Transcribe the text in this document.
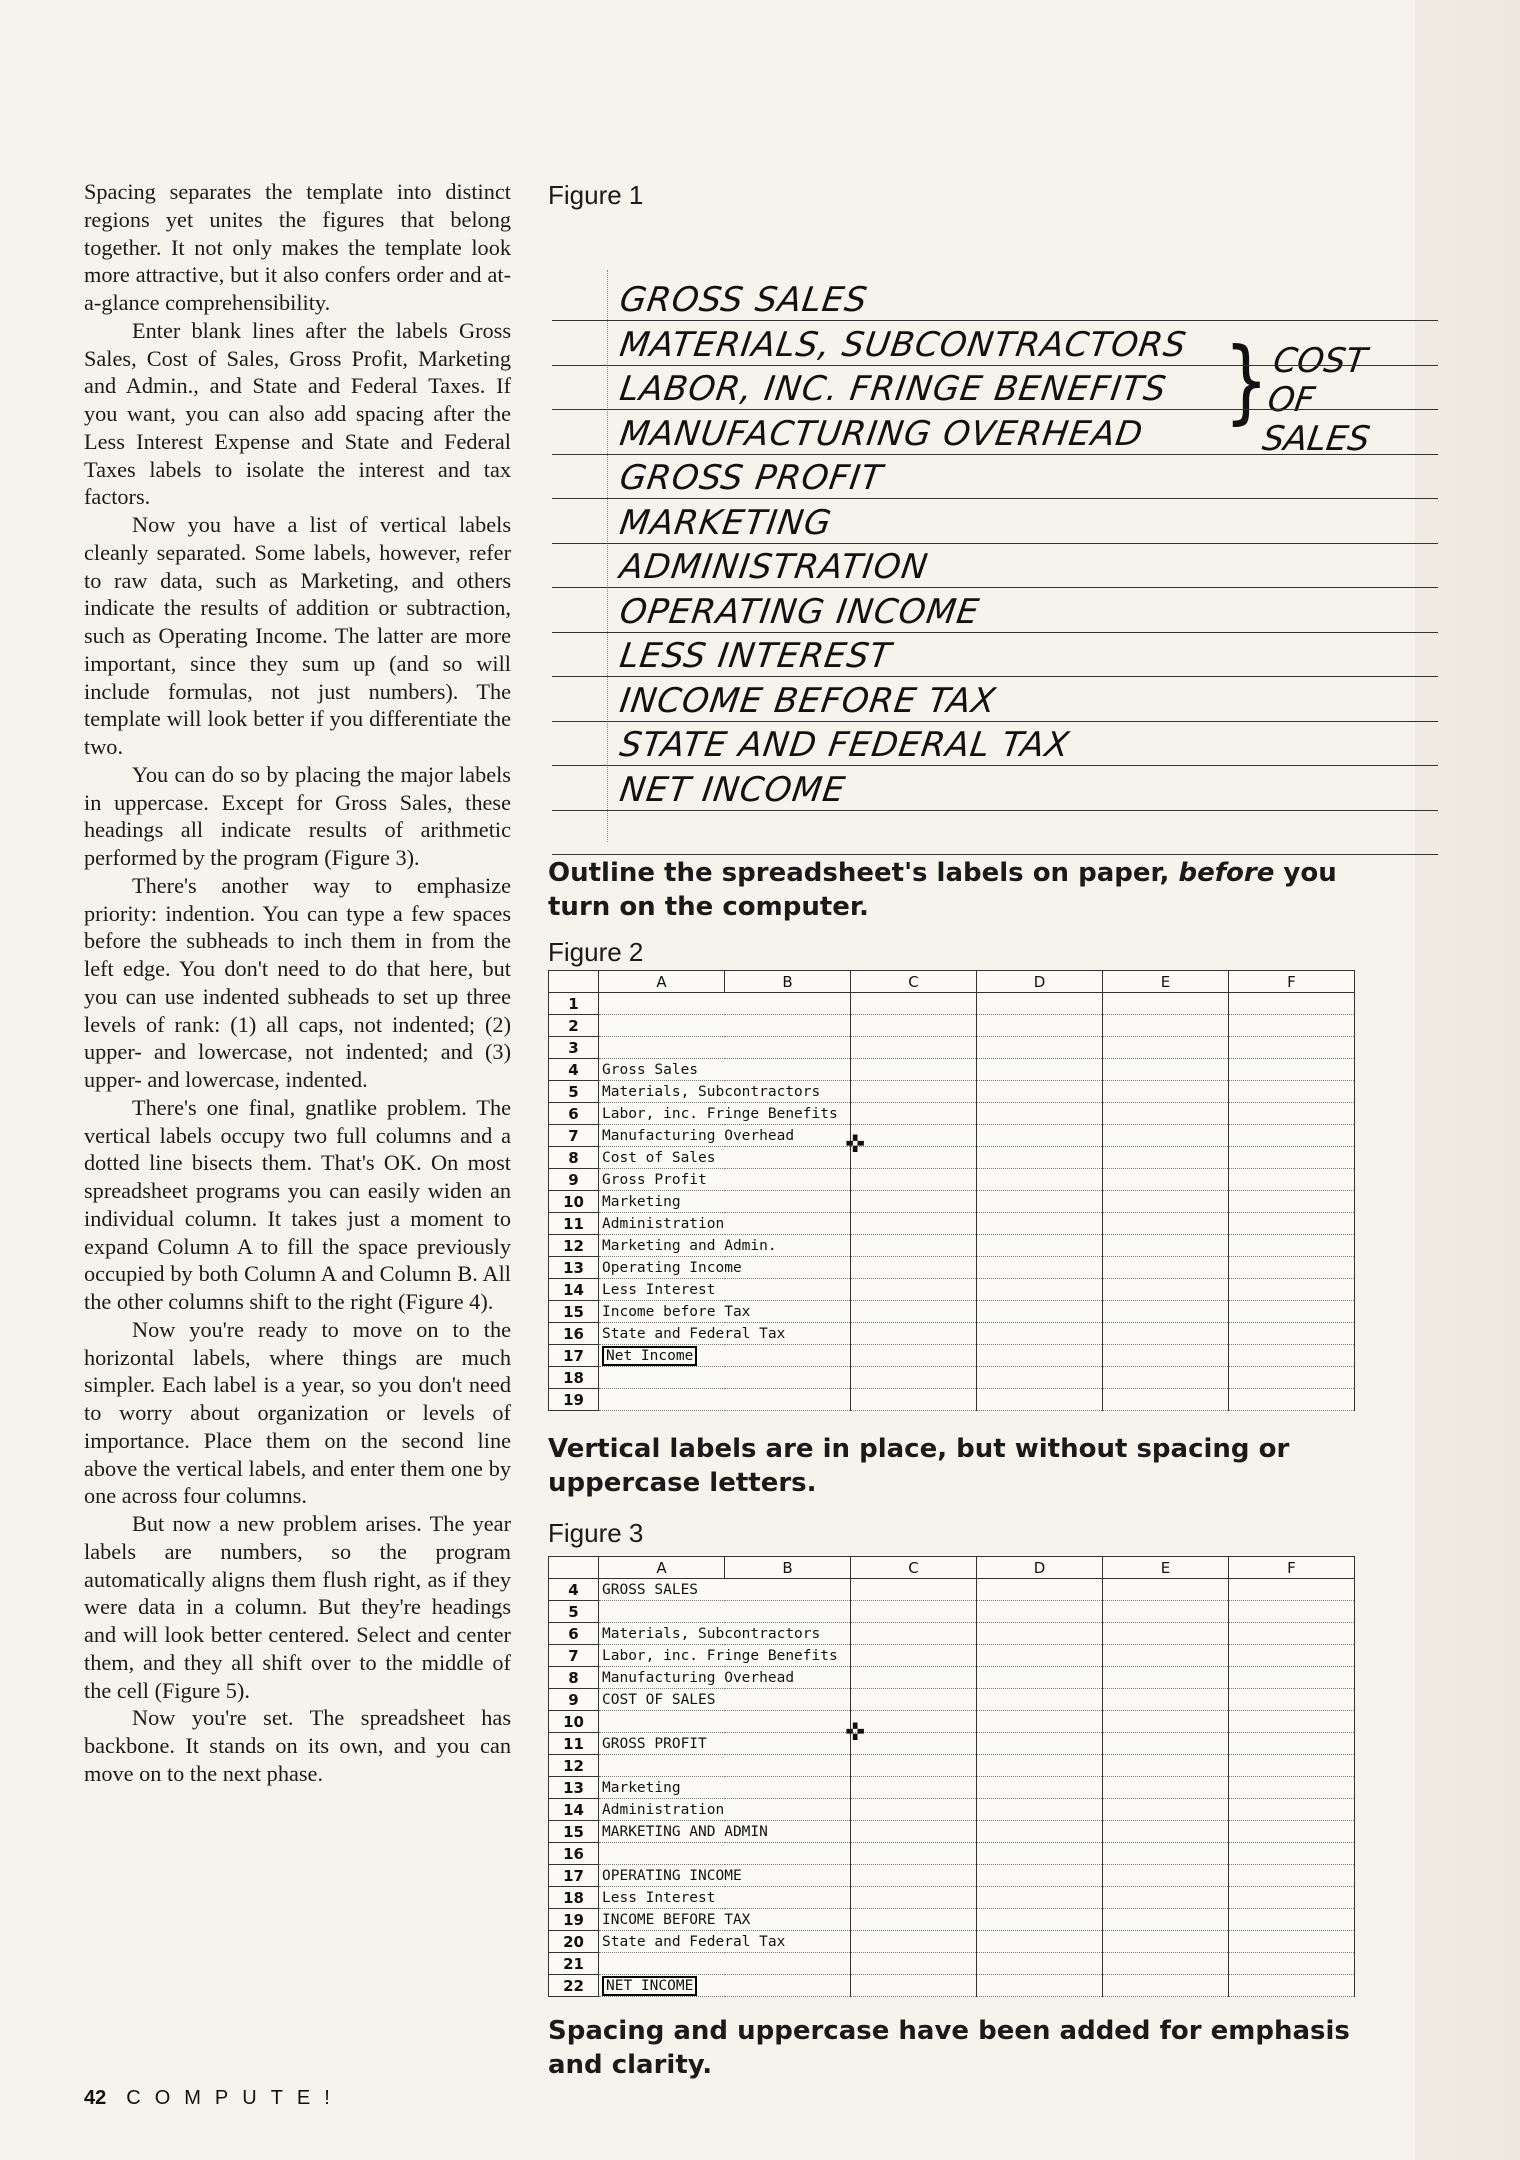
Spacing separates the template into distinct regions yet unites the figures that belong together. It not only makes the template look more attractive, but it also confers order and at-a-glance comprehensibility.

Enter blank lines after the labels Gross Sales, Cost of Sales, Gross Profit, Marketing and Admin., and State and Federal Taxes. If you want, you can also add spacing after the Less Interest Expense and State and Federal Taxes labels to isolate the interest and tax factors.

Now you have a list of vertical labels cleanly separated. Some labels, however, refer to raw data, such as Marketing, and others indicate the results of addition or subtraction, such as Operating Income. The latter are more important, since they sum up (and so will include formulas, not just numbers). The template will look better if you differentiate the two.

You can do so by placing the major labels in uppercase. Except for Gross Sales, these headings all indicate results of arithmetic performed by the program (Figure 3).

There's another way to emphasize priority: indention. You can type a few spaces before the subheads to inch them in from the left edge. You don't need to do that here, but you can use indented subheads to set up three levels of rank: (1) all caps, not indented; (2) upper- and lowercase, not indented; and (3) upper- and lowercase, indented.

There's one final, gnatlike problem. The vertical labels occupy two full columns and a dotted line bisects them. That's OK. On most spreadsheet programs you can easily widen an individual column. It takes just a moment to expand Column A to fill the space previously occupied by both Column A and Column B. All the other columns shift to the right (Figure 4).

Now you're ready to move on to the horizontal labels, where things are much simpler. Each label is a year, so you don't need to worry about organization or levels of importance. Place them on the second line above the vertical labels, and enter them one by one across four columns.

But now a new problem arises. The year labels are numbers, so the program automatically aligns them flush right, as if they were data in a column. But they're headings and will look better centered. Select and center them, and they all shift over to the middle of the cell (Figure 5).

Now you're set. The spreadsheet has backbone. It stands on its own, and you can move on to the next phase.

Figure 1
} COST OF SALES
GROSS SALES
MATERIALS, SUBCONTRACTORS
LABOR, INC. FRINGE BENEFITS
MANUFACTURING OVERHEAD
GROSS PROFIT
MARKETING
ADMINISTRATION
OPERATING INCOME
LESS INTEREST
INCOME BEFORE TAX
STATE AND FEDERAL TAX
NET INCOME
Outline the spreadsheet's labels on paper, before you turn on the computer.
Figure 2
	A	B	C	D	E	F
1						
2						
3						
4	Gross Sales					
5	Materials, Subcontractors					
6	Labor, inc. Fringe Benefits					
7	Manufacturing Overhead					
8	Cost of Sales					
9	Gross Profit					
10	Marketing					
11	Administration					
12	Marketing and Admin.					
13	Operating Income					
14	Less Interest					
15	Income before Tax					
16	State and Federal Tax					
17	Net Income					
18						
19						
✜
Vertical labels are in place, but without spacing or uppercase letters.
Figure 3
	A	B	C	D	E	F
4	GROSS SALES					
5						
6	Materials, Subcontractors					
7	Labor, inc. Fringe Benefits					
8	Manufacturing Overhead					
9	COST OF SALES					
10						
11	GROSS PROFIT					
12						
13	Marketing					
14	Administration					
15	MARKETING AND ADMIN					
16						
17	OPERATING INCOME					
18	Less Interest					
19	INCOME BEFORE TAX					
20	State and Federal Tax					
21						
22	NET INCOME					
✜
Spacing and uppercase have been added for emphasis and clarity.
42 COMPUTE!
